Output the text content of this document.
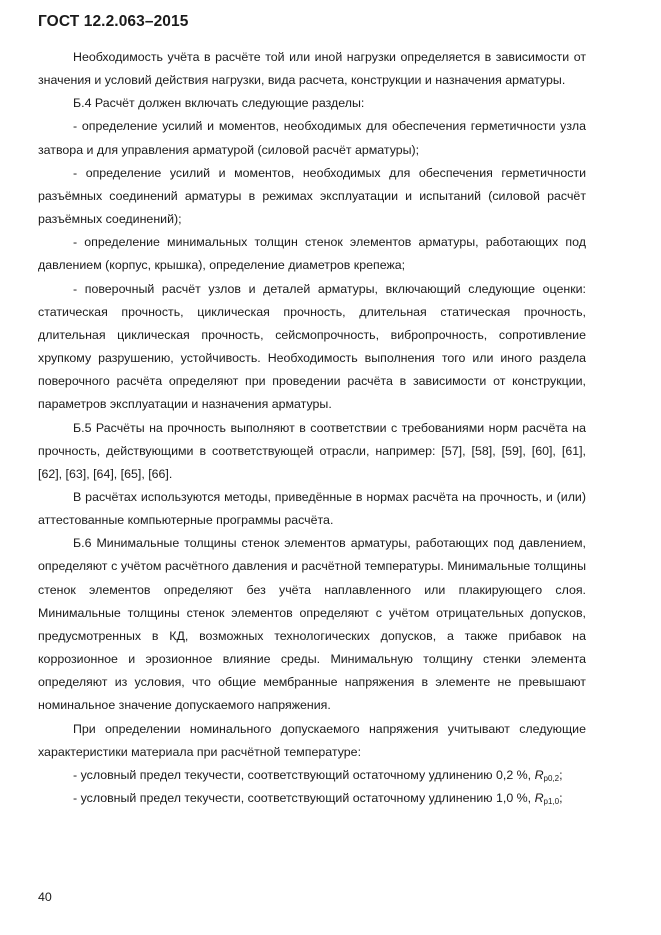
ГОСТ 12.2.063–2015

Необходимость учёта в расчёте той или иной нагрузки определяется в зависимости от значения и условий действия нагрузки, вида расчета, конструкции и назначения арматуры.

Б.4 Расчёт должен включать следующие разделы:

- определение усилий и моментов, необходимых для обеспечения герметичности узла затвора и для управления арматурой (силовой расчёт арматуры);

- определение усилий и моментов, необходимых для обеспечения герметичности разъёмных соединений арматуры в режимах эксплуатации и испытаний (силовой расчёт разъёмных соединений);

- определение минимальных толщин стенок элементов арматуры, работающих под давлением (корпус, крышка), определение диаметров крепежа;

- поверочный расчёт узлов и деталей арматуры, включающий следующие оценки: статическая прочность, циклическая прочность, длительная статическая прочность, длительная циклическая прочность, сейсмопрочность, вибропрочность, сопротивление хрупкому разрушению, устойчивость. Необходимость выполнения того или иного раздела поверочного расчёта определяют при проведении расчёта в зависимости от конструкции, параметров эксплуатации и назначения арматуры.

Б.5 Расчёты на прочность выполняют в соответствии с требованиями норм расчёта на прочность, действующими в соответствующей отрасли, например: [57], [58], [59], [60], [61], [62], [63], [64], [65], [66].

В расчётах используются методы, приведённые в нормах расчёта на прочность, и (или) аттестованные компьютерные программы расчёта.

Б.6 Минимальные толщины стенок элементов арматуры, работающих под давлением, определяют с учётом расчётного давления и расчётной температуры. Минимальные толщины стенок элементов определяют без учёта наплавленного или плакирующего слоя. Минимальные толщины стенок элементов определяют с учётом отрицательных допусков, предусмотренных в КД, возможных технологических допусков, а также прибавок на коррозионное и эрозионное влияние среды. Минимальную толщину стенки элемента определяют из условия, что общие мембранные напряжения в элементе не превышают номинальное значение допускаемого напряжения.

При определении номинального допускаемого напряжения учитывают следующие характеристики материала при расчётной температуре:

- условный предел текучести, соответствующий остаточному удлинению 0,2 %, $R_{p0,2}$;

- условный предел текучести, соответствующий остаточному удлинению 1,0 %, $R_{p1,0}$;

40
